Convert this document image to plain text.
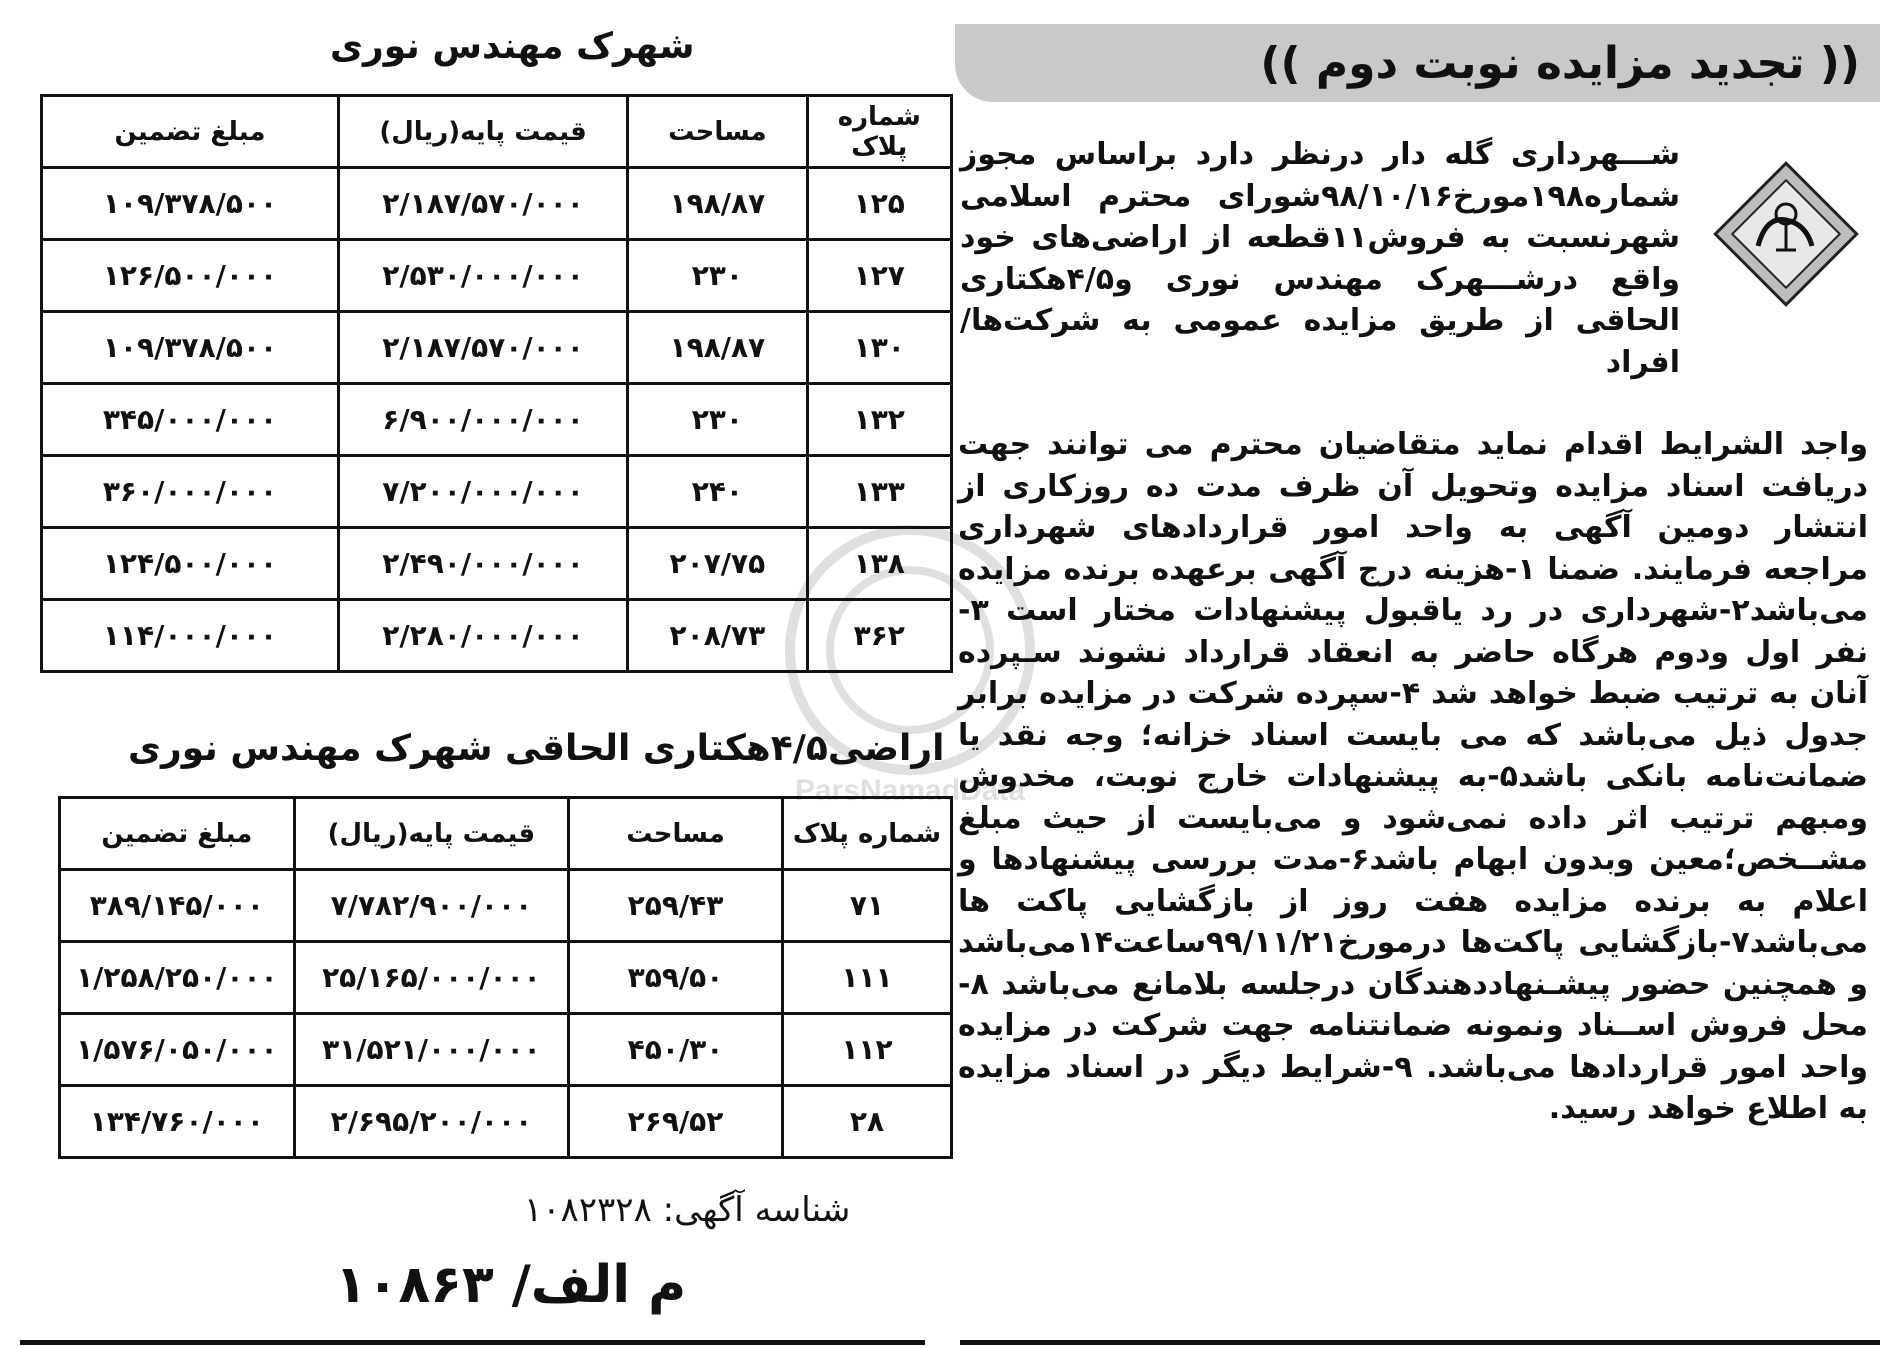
(( تجدید مزایده نوبت دوم ))
شـــهرداری گله دار درنظر دارد براساس مجوز شماره۱۹۸مورخ۹۸/۱۰/۱۶شورای محترم اسلامی شهرنسبت به فروش۱۱قطعه از اراضی‌های خود واقع درشـــهرک مهندس نوری و۴/۵هکتاری الحاقی از طریق مزایده عمومی به شرکت‌ها/افراد
واجد الشرایط اقدام نماید متقاضیان محترم می توانند جهت دریافت اسناد مزایده وتحویل آن ظرف مدت ده روزکاری از انتشار دومین آگهی به واحد امور قراردادهای شهرداری مراجعه فرمایند. ضمنا ۱-هزینه درج آگهی برعهده برنده مزایده می‌باشد۲-شهرداری در رد یاقبول پیشنهادات مختار است ۳- نفر اول ودوم هرگاه حاضر به انعقاد قرارداد نشوند سـپرده آنان به ترتیب ضبط خواهد شد ۴-سپرده شرکت در مزایده برابر جدول ذیل می‌باشد که می بایست اسناد خزانه؛ وجه نقد یا ضمانت‌نامه بانکی باشد۵-به پیشنهادات خارج نوبت، مخدوش ومبهم ترتیب اثر داده نمی‌شود و می‌بایست از حیث مبلغ مشــخص؛معین وبدون ابهام باشد۶-مدت بررسی پیشنهادها و اعلام به برنده مزایده هفت روز از بازگشایی پاکت ها می‌باشد۷-بازگشایی پاکت‌ها درمورخ۹۹/۱۱/۲۱ساعت۱۴می‌باشد و همچنین حضور پیشـنهاددهندگان درجلسه بلامانع می‌باشد ۸-محل فروش اســناد ونمونه ضمانتنامه جهت شرکت در مزایده واحد امور قراردادها می‌باشد. ۹-شرایط دیگر در اسناد مزایده به اطلاع خواهد رسید.
ParsNamadData
شهرک مهندس نوری
شماره پلاک	مساحت	قیمت پایه(ریال)	مبلغ تضمین
۱۲۵	۱۹۸/۸۷	۲/۱۸۷/۵۷۰/۰۰۰	۱۰۹/۳۷۸/۵۰۰
۱۲۷	۲۳۰	۲/۵۳۰/۰۰۰/۰۰۰	۱۲۶/۵۰۰/۰۰۰
۱۳۰	۱۹۸/۸۷	۲/۱۸۷/۵۷۰/۰۰۰	۱۰۹/۳۷۸/۵۰۰
۱۳۲	۲۳۰	۶/۹۰۰/۰۰۰/۰۰۰	۳۴۵/۰۰۰/۰۰۰
۱۳۳	۲۴۰	۷/۲۰۰/۰۰۰/۰۰۰	۳۶۰/۰۰۰/۰۰۰
۱۳۸	۲۰۷/۷۵	۲/۴۹۰/۰۰۰/۰۰۰	۱۲۴/۵۰۰/۰۰۰
۳۶۲	۲۰۸/۷۳	۲/۲۸۰/۰۰۰/۰۰۰	۱۱۴/۰۰۰/۰۰۰
اراضی۴/۵هکتاری الحاقی شهرک مهندس نوری
شماره پلاک	مساحت	قیمت پایه(ریال)	مبلغ تضمین
۷۱	۲۵۹/۴۳	۷/۷۸۲/۹۰۰/۰۰۰	۳۸۹/۱۴۵/۰۰۰
۱۱۱	۳۵۹/۵۰	۲۵/۱۶۵/۰۰۰/۰۰۰	۱/۲۵۸/۲۵۰/۰۰۰
۱۱۲	۴۵۰/۳۰	۳۱/۵۲۱/۰۰۰/۰۰۰	۱/۵۷۶/۰۵۰/۰۰۰
۲۸	۲۶۹/۵۲	۲/۶۹۵/۲۰۰/۰۰۰	۱۳۴/۷۶۰/۰۰۰
شناسه آگهی: ۱۰۸۲۳۲۸
م الف/ ۱۰۸۶۳
